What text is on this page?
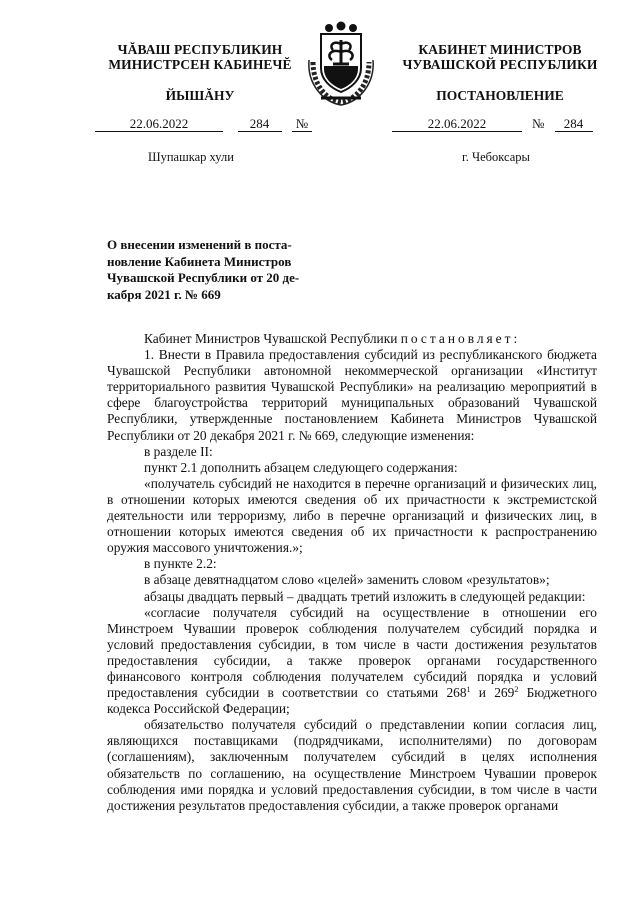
ЧĂВАШ РЕСПУБЛИКИН
МИНИСТРСЕН КАБИНЕЧĔ
КАБИНЕТ МИНИСТРОВ
ЧУВАШСКОЙ РЕСПУБЛИКИ
ЙЫШĂНУ	ПОСТАНОВЛЕНИЕ
22.06.2022	284 №	22.06.2022	№ 284
Шупашкар хули	г. Чебоксары
О внесении изменений в поста-
новление Кабинета Министров
Чувашской Республики от 20 де-
кабря 2021 г. № 669

Кабинет Министров Чувашской Республики постановляет:

1. Внести в Правила предоставления субсидий из республиканского бюджета Чувашской Республики автономной некоммерческой организации «Институт территориального развития Чувашской Республики» на реализацию мероприятий в сфере благоустройства территорий муниципальных образований Чувашской Республики, утвержденные постановлением Кабинета Министров Чувашской Республики от 20 декабря 2021 г. № 669, следующие изменения:

в разделе II:

пункт 2.1 дополнить абзацем следующего содержания:

«получатель субсидий не находится в перечне организаций и физических лиц, в отношении которых имеются сведения об их причастности к экстремистской деятельности или терроризму, либо в перечне организаций и физических лиц, в отношении которых имеются сведения об их причастности к распространению оружия массового уничтожения.»;

в пункте 2.2:

в абзаце девятнадцатом слово «целей» заменить словом «результатов»;

абзацы двадцать первый – двадцать третий изложить в следующей редакции:

«согласие получателя субсидий на осуществление в отношении его Минстроем Чувашии проверок соблюдения получателем субсидий порядка и условий предоставления субсидии, в том числе в части достижения результатов предоставления субсидии, а также проверок органами государственного финансового контроля соблюдения получателем субсидий порядка и условий предоставления субсидии в соответствии со статьями $268^1$ и $269^2$ Бюджетного кодекса Российской Федерации;

обязательство получателя субсидий о представлении копии согласия лиц, являющихся поставщиками (подрядчиками, исполнителями) по договорам (соглашениям), заключенным получателем субсидий в целях исполнения обязательств по соглашению, на осуществление Минстроем Чувашии проверок соблюдения ими порядка и условий предоставления субсидии, в том числе в части достижения результатов предоставления субсидии, а также проверок органами
